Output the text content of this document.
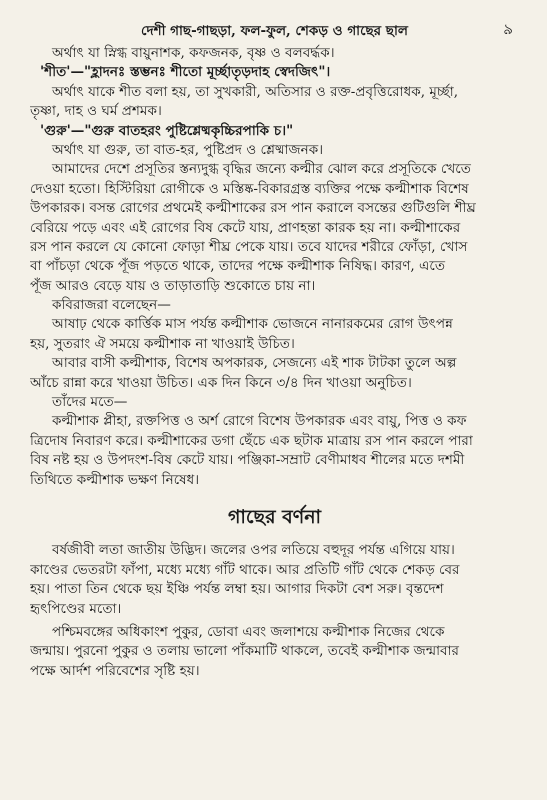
দেশী গাছ-গাছড়া, ফল-ফুল, শেকড় ও গাছের ছাল	৯
অর্থাৎ যা স্নিগ্ধ বায়ুনাশক, কফজনক, বৃষ্ণ ও বলবর্দ্ধক।
'শীত'—"হ্লাদনঃ স্তম্ভনঃ শীতো মূর্চ্ছাতৃড়দাহ স্বেদজিৎ"।
অর্থাৎ যাকে শীত বলা হয়, তা সুখকারী, অতিসার ও রক্ত-প্রবৃত্তিরোধক, মূর্চ্ছা,
তৃষ্ণা, দাহ ও ঘর্ম প্রশমক।
'গুরু'—"গুরু বাতহরং পুষ্টিশ্লেষ্মকৃচ্চিরপাকি চ।"
অর্থাৎ যা গুরু, তা বাত-হর, পুষ্টিপ্রদ ও শ্লেষ্মাজনক।
আমাদের দেশে প্রসূতির স্তন্যদুগ্ধ বৃদ্ধির জন্যে কল্মীর ঝোল করে প্রসূতিকে খেতে
দেওয়া হতো। হিস্টিরিয়া রোগীকে ও মস্তিষ্ক-বিকারগ্রস্ত ব্যক্তির পক্ষে কল্মীশাক বিশেষ
উপকারক। বসন্ত রোগের প্রথমেই কল্মীশাকের রস পান করালে বসন্তের গুটিগুলি শীঘ্র
বেরিয়ে পড়ে এবং এই রোগের বিষ কেটে যায়, প্রাণহন্তা কারক হয় না। কল্মীশাকের
রস পান করলে যে কোনো ফোড়া শীঘ্র পেকে যায়। তবে যাদের শরীরে ফোঁড়া, খোস
বা পাঁচড়া থেকে পূঁজ পড়তে থাকে, তাদের পক্ষে কল্মীশাক নিষিদ্ধ। কারণ, এতে
পূঁজ আরও বেড়ে যায় ও তাড়াতাড়ি শুকোতে চায় না।
কবিরাজরা বলেছেন—
আষাঢ় থেকে কার্ত্তিক মাস পর্যন্ত কল্মীশাক ভোজনে নানারকমের রোগ উৎপন্ন
হয়, সুতরাং ঐ সময়ে কল্মীশাক না খাওয়াই উচিত।
আবার বাসী কল্মীশাক, বিশেষ অপকারক, সেজন্যে এই শাক টাটকা তুলে অল্প
আঁচে রান্না করে খাওয়া উচিত। এক দিন কিনে ৩/৪ দিন খাওয়া অনুচিত।
তাঁদের মতে—
কল্মীশাক প্লীহা, রক্তপিত্ত ও অর্শ রোগে বিশেষ উপকারক এবং বায়ু, পিত্ত ও কফ
ত্রিদোষ নিবারণ করে। কল্মীশাকের ডগা ছেঁচে এক ছটাক মাত্রায় রস পান করলে পারা
বিষ নষ্ট হয় ও উপদংশ-বিষ কেটে যায়। পঞ্জিকা-সম্রাট বেণীমাধব শীলের মতে দশমী
তিথিতে কল্মীশাক ভক্ষণ নিষেধ।
গাছের বর্ণনা
বর্ষজীবী লতা জাতীয় উদ্ভিদ। জলের ওপর লতিয়ে বহুদূর পর্যন্ত এগিয়ে যায়।
কাণ্ডের ভেতরটা ফাঁপা, মধ্যে মধ্যে গাঁট থাকে। আর প্রতিটি গাঁট থেকে শেকড় বের
হয়। পাতা তিন থেকে ছয় ইঞ্চি পর্যন্ত লম্বা হয়। আগার দিকটা বেশ সরু। বৃন্তদেশ
হৃৎপিণ্ডের মতো।
পশ্চিমবঙ্গের অধিকাংশ পুকুর, ডোবা এবং জলাশয়ে কল্মীশাক নিজের থেকে
জন্মায়। পুরনো পুকুর ও তলায় ভালো পাঁকমাটি থাকলে, তবেই কল্মীশাক জন্মাবার
পক্ষে আর্দশ পরিবেশের সৃষ্টি হয়।
